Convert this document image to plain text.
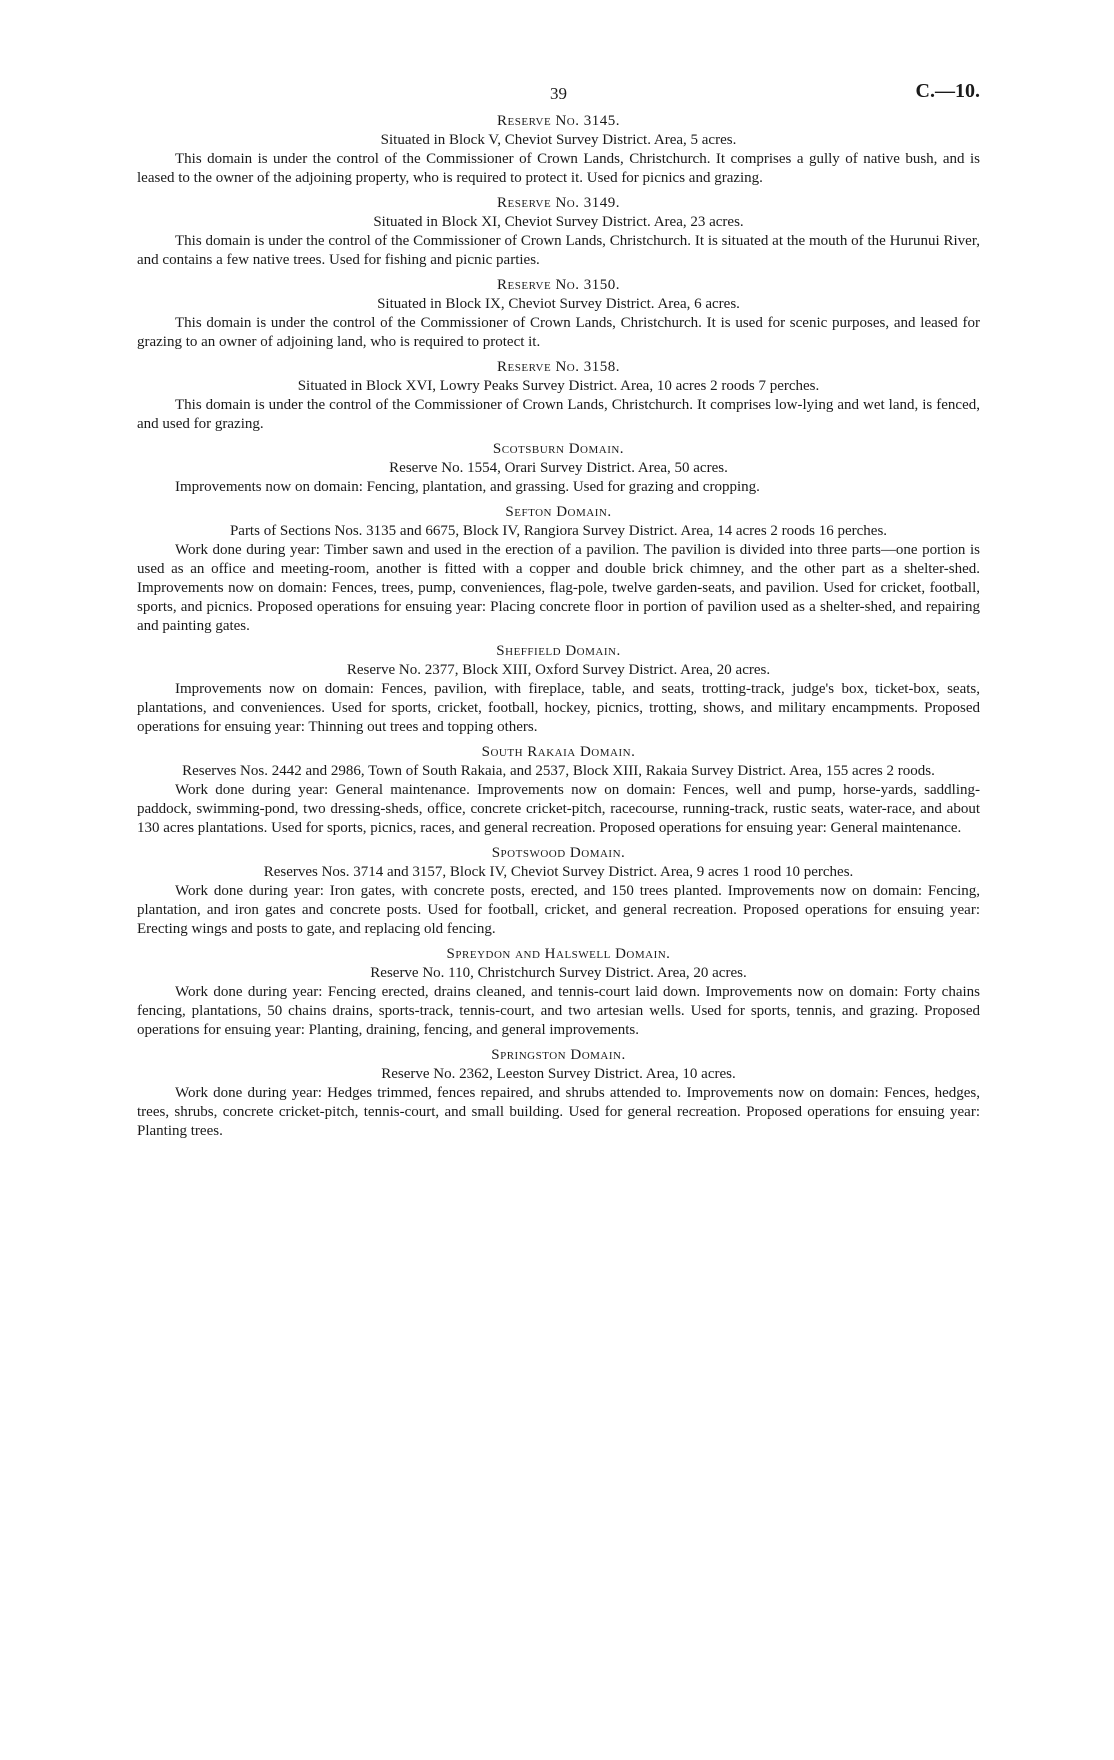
39	C.—10.
Reserve No. 3145.
Situated in Block V, Cheviot Survey District. Area, 5 acres.

This domain is under the control of the Commissioner of Crown Lands, Christchurch. It comprises a gully of native bush, and is leased to the owner of the adjoining property, who is required to protect it. Used for picnics and grazing.

Reserve No. 3149.
Situated in Block XI, Cheviot Survey District. Area, 23 acres.

This domain is under the control of the Commissioner of Crown Lands, Christchurch. It is situated at the mouth of the Hurunui River, and contains a few native trees. Used for fishing and picnic parties.

Reserve No. 3150.
Situated in Block IX, Cheviot Survey District. Area, 6 acres.

This domain is under the control of the Commissioner of Crown Lands, Christchurch. It is used for scenic purposes, and leased for grazing to an owner of adjoining land, who is required to protect it.

Reserve No. 3158.
Situated in Block XVI, Lowry Peaks Survey District. Area, 10 acres 2 roods 7 perches.

This domain is under the control of the Commissioner of Crown Lands, Christchurch. It comprises low-lying and wet land, is fenced, and used for grazing.

Scotsburn Domain.
Reserve No. 1554, Orari Survey District. Area, 50 acres.

Improvements now on domain: Fencing, plantation, and grassing. Used for grazing and cropping.

Sefton Domain.
Parts of Sections Nos. 3135 and 6675, Block IV, Rangiora Survey District. Area, 14 acres 2 roods 16 perches.

Work done during year: Timber sawn and used in the erection of a pavilion. The pavilion is divided into three parts—one portion is used as an office and meeting-room, another is fitted with a copper and double brick chimney, and the other part as a shelter-shed. Improvements now on domain: Fences, trees, pump, conveniences, flag-pole, twelve garden-seats, and pavilion. Used for cricket, football, sports, and picnics. Proposed operations for ensuing year: Placing concrete floor in portion of pavilion used as a shelter-shed, and repairing and painting gates.

Sheffield Domain.
Reserve No. 2377, Block XIII, Oxford Survey District. Area, 20 acres.

Improvements now on domain: Fences, pavilion, with fireplace, table, and seats, trotting-track, judge's box, ticket-box, seats, plantations, and conveniences. Used for sports, cricket, football, hockey, picnics, trotting, shows, and military encampments. Proposed operations for ensuing year: Thinning out trees and topping others.

South Rakaia Domain.
Reserves Nos. 2442 and 2986, Town of South Rakaia, and 2537, Block XIII, Rakaia Survey District. Area, 155 acres 2 roods.

Work done during year: General maintenance. Improvements now on domain: Fences, well and pump, horse-yards, saddling-paddock, swimming-pond, two dressing-sheds, office, concrete cricket-pitch, racecourse, running-track, rustic seats, water-race, and about 130 acres plantations. Used for sports, picnics, races, and general recreation. Proposed operations for ensuing year: General maintenance.

Spotswood Domain.
Reserves Nos. 3714 and 3157, Block IV, Cheviot Survey District. Area, 9 acres 1 rood 10 perches.

Work done during year: Iron gates, with concrete posts, erected, and 150 trees planted. Improvements now on domain: Fencing, plantation, and iron gates and concrete posts. Used for football, cricket, and general recreation. Proposed operations for ensuing year: Erecting wings and posts to gate, and replacing old fencing.

Spreydon and Halswell Domain.
Reserve No. 110, Christchurch Survey District. Area, 20 acres.

Work done during year: Fencing erected, drains cleaned, and tennis-court laid down. Improvements now on domain: Forty chains fencing, plantations, 50 chains drains, sports-track, tennis-court, and two artesian wells. Used for sports, tennis, and grazing. Proposed operations for ensuing year: Planting, draining, fencing, and general improvements.

Springston Domain.
Reserve No. 2362, Leeston Survey District. Area, 10 acres.

Work done during year: Hedges trimmed, fences repaired, and shrubs attended to. Improvements now on domain: Fences, hedges, trees, shrubs, concrete cricket-pitch, tennis-court, and small building. Used for general recreation. Proposed operations for ensuing year: Planting trees.
